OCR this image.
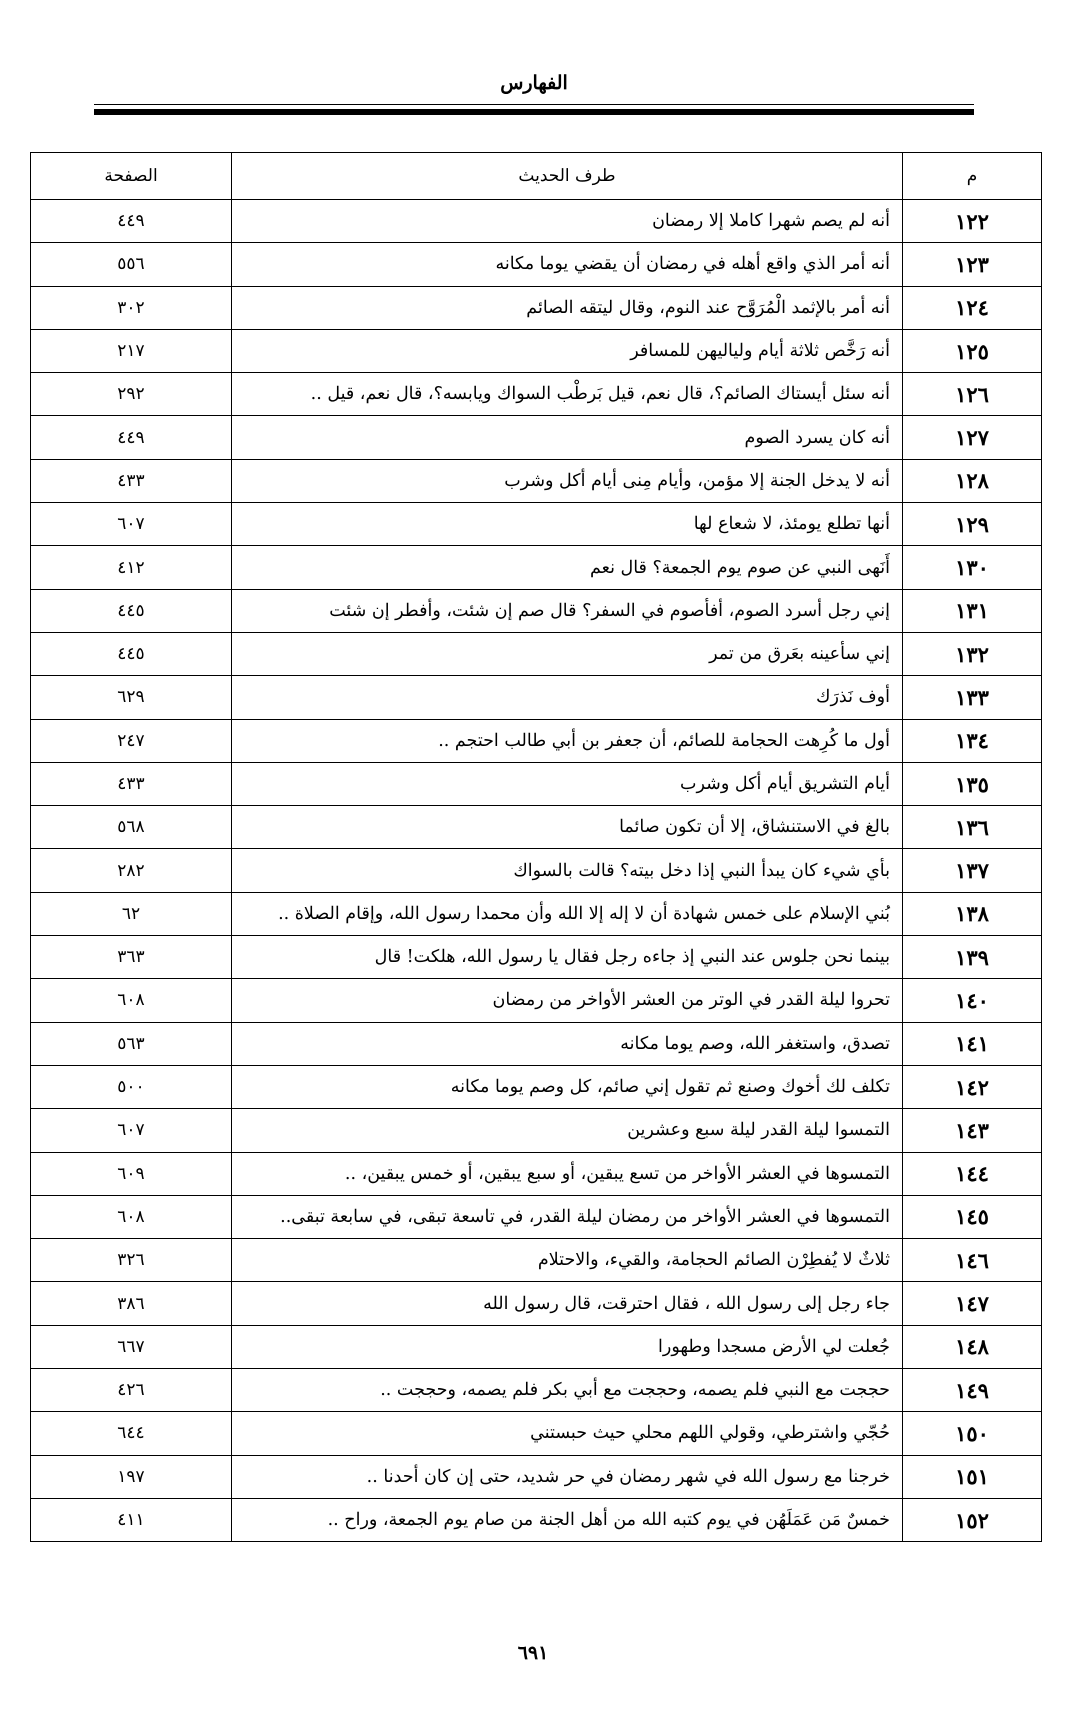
الفهارس
م	طرف الحديث	الصفحة
١٢٢	أنه لم يصم شهرا كاملا إلا رمضان	٤٤٩
١٢٣	أنه أمر الذي واقع أهله في رمضان أن يقضي يوما مكانه	٥٥٦
١٢٤	أنه أمر بالإثمد الْمُرَوَّح عند النوم، وقال ليتقه الصائم	٣٠٢
١٢٥	أنه رَخَّص ثلاثة أيام ولياليهن للمسافر	٢١٧
١٢٦	أنه سئل أيستاك الصائم؟، قال نعم، قيل بَرطْب السواك ويابسه؟، قال نعم، قيل ..	٢٩٢
١٢٧	أنه كان يسرد الصوم	٤٤٩
١٢٨	أنه لا يدخل الجنة إلا مؤمن، وأيام مِنى أيام أكل وشرب	٤٣٣
١٢٩	أنها تطلع يومئذ، لا شعاع لها	٦٠٧
١٣٠	أَنَهى النبي عن صوم يوم الجمعة؟ قال نعم	٤١٢
١٣١	إني رجل أسرد الصوم، أفأصوم في السفر؟ قال صم إن شئت، وأفطر إن شئت	٤٤٥
١٣٢	إني سأعينه بعَرق من تمر	٤٤٥
١٣٣	أوف نَذرَك	٦٢٩
١٣٤	أول ما كُرِهت الحجامة للصائم، أن جعفر بن أبي طالب احتجم ..	٢٤٧
١٣٥	أيام التشريق أيام أكل وشرب	٤٣٣
١٣٦	بالغ في الاستنشاق، إلا أن تكون صائما	٥٦٨
١٣٧	بأي شيء كان يبدأ النبي إذا دخل بيته؟ قالت بالسواك	٢٨٢
١٣٨	بُني الإسلام على خمس شهادة أن لا إله إلا الله وأن محمدا رسول الله، وإقام الصلاة ..	٦٢
١٣٩	بينما نحن جلوس عند النبي إذ جاءه رجل فقال يا رسول الله، هلكت! قال	٣٦٣
١٤٠	تحروا ليلة القدر في الوتر من العشر الأواخر من رمضان	٦٠٨
١٤١	تصدق، واستغفر الله، وصم يوما مكانه	٥٦٣
١٤٢	تكلف لك أخوك وصنع ثم تقول إني صائم، كل وصم يوما مكانه	٥٠٠
١٤٣	التمسوا ليلة القدر ليلة سبع وعشرين	٦٠٧
١٤٤	التمسوها في العشر الأواخر من تسع يبقين، أو سبع يبقين، أو خمس يبقين، ..	٦٠٩
١٤٥	التمسوها في العشر الأواخر من رمضان ليلة القدر، في تاسعة تبقى، في سابعة تبقى..	٦٠٨
١٤٦	ثلاثٌ لا يُفطِرْن الصائم الحجامة، والقيء، والاحتلام	٣٢٦
١٤٧	جاء رجل إلى رسول الله ، فقال احترقت، قال رسول الله	٣٨٦
١٤٨	جُعلت لي الأرض مسجدا وطهورا	٦٦٧
١٤٩	حججت مع النبي فلم يصمه، وحججت مع أبي بكر فلم يصمه، وحججت ..	٤٢٦
١٥٠	حُجّي واشترطي، وقولي اللهم محلي حيث حبستني	٦٤٤
١٥١	خرجنا مع رسول الله في شهر رمضان في حر شديد، حتى إن كان أحدنا ..	١٩٧
١٥٢	خمسٌ مَن عَمَلَهُن في يوم كتبه الله من أهل الجنة من صام يوم الجمعة، وراح ..	٤١١
٦٩١
